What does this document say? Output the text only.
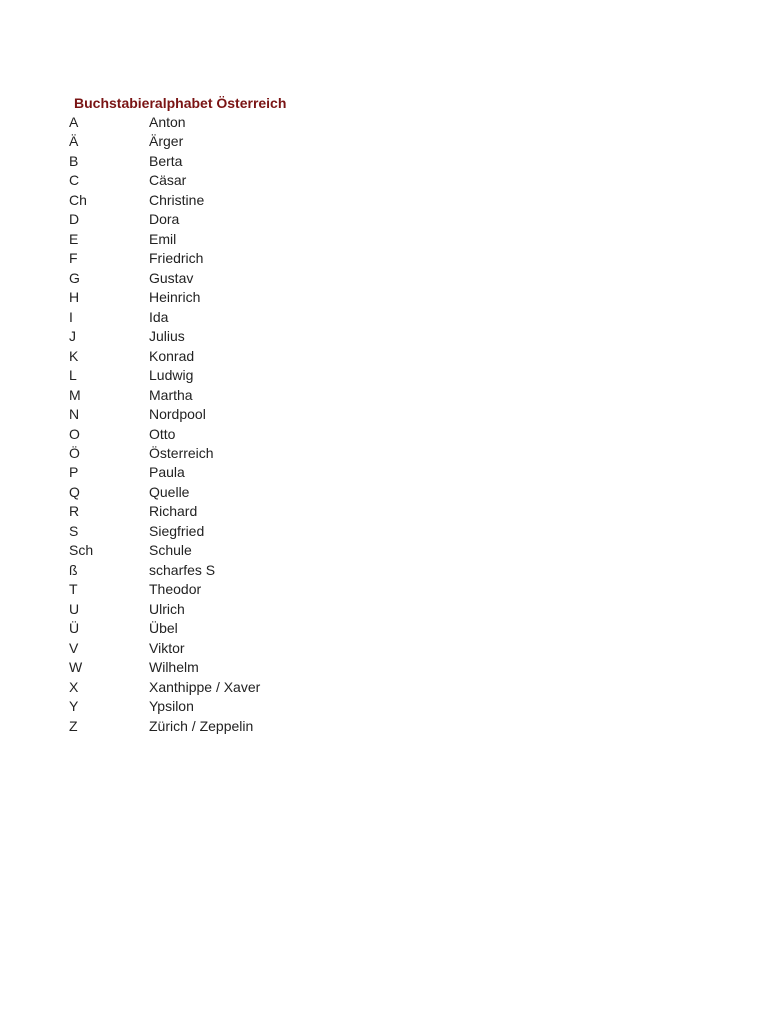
Buchstabieralphabet Österreich
A	Anton
Ä	Ärger
B	Berta
C	Cäsar
Ch	Christine
D	Dora
E	Emil
F	Friedrich
G	Gustav
H	Heinrich
I	Ida
J	Julius
K	Konrad
L	Ludwig
M	Martha
N	Nordpool
O	Otto
Ö	Österreich
P	Paula
Q	Quelle
R	Richard
S	Siegfried
Sch	Schule
ß	scharfes S
T	Theodor
U	Ulrich
Ü	Übel
V	Viktor
W	Wilhelm
X	Xanthippe / Xaver
Y	Ypsilon
Z	Zürich / Zeppelin
